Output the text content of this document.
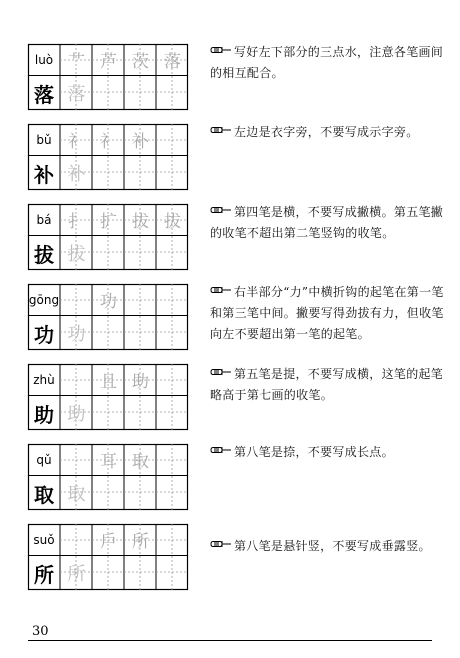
luò
落
艹 芦 茨 落
落
写好左下部分的三点水，注意各笔画间的相互配合。
bǔ
补
礻 礻 补
补
左边是衣字旁，不要写成示字旁。
bá
拔
扌 扩 拔 拔
拔
第四笔是横，不要写成撇横。第五笔撇的收笔不超出第二笔竖钩的收笔。
gōng
功
功
功
右半部分“力”中横折钩的起笔在第一笔和第三笔中间。撇要写得劲拔有力，但收笔向左不要超出第一笔的起笔。
zhù
助
且 助
助
第五笔是提，不要写成横，这笔的起笔略高于第七画的收笔。
qǔ
取
耳 取
取
第八笔是捺，不要写成长点。
suǒ
所
戶 所
所
第八笔是悬针竖，不要写成垂露竖。
30
